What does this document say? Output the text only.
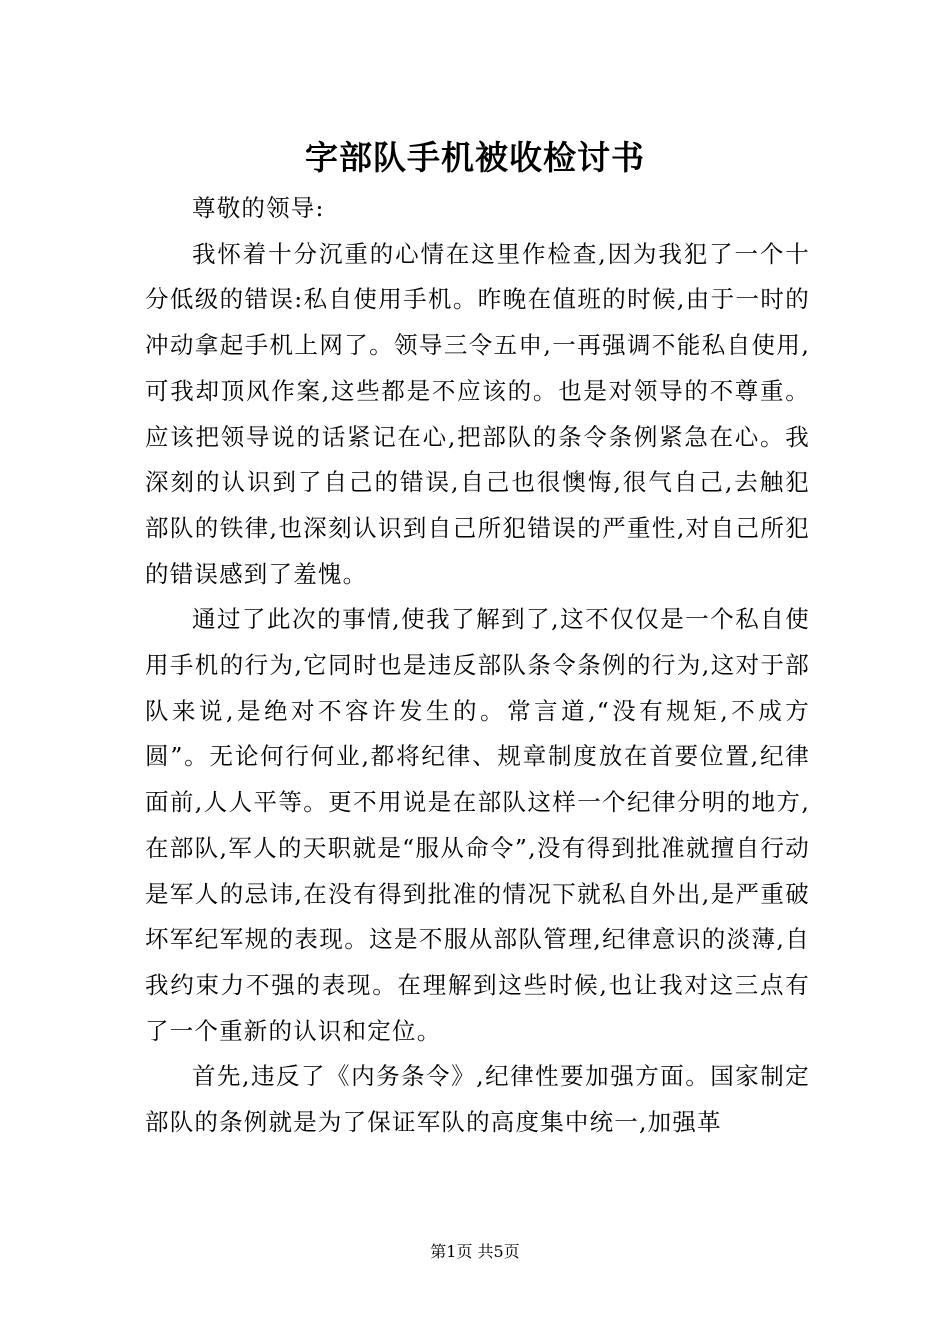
字部队手机被收检讨书

尊敬的领导:

我怀着十分沉重的心情在这里作检查,因为我犯了一个十分低级的错误:私自使用手机。昨晚在值班的时候,由于一时的冲动拿起手机上网了。领导三令五申,一再强调不能私自使用,可我却顶风作案,这些都是不应该的。也是对领导的不尊重。应该把领导说的话紧记在心,把部队的条令条例紧急在心。我深刻的认识到了自己的错误,自己也很懊悔,很气自己,去触犯部队的铁律,也深刻认识到自己所犯错误的严重性,对自己所犯的错误感到了羞愧。

通过了此次的事情,使我了解到了,这不仅仅是一个私自使用手机的行为,它同时也是违反部队条令条例的行为,这对于部队来说,是绝对不容许发生的。常言道,“没有规矩,不成方圆”。无论何行何业,都将纪律、规章制度放在首要位置,纪律面前,人人平等。更不用说是在部队这样一个纪律分明的地方,在部队,军人的天职就是“服从命令”,没有得到批准就擅自行动是军人的忌讳,在没有得到批准的情况下就私自外出,是严重破坏军纪军规的表现。这是不服从部队管理,纪律意识的淡薄,自我约束力不强的表现。在理解到这些时候,也让我对这三点有了一个重新的认识和定位。

首先,违反了《内务条令》,纪律性要加强方面。国家制定部队的条例就是为了保证军队的高度集中统一,加强革

第1页 共5页
